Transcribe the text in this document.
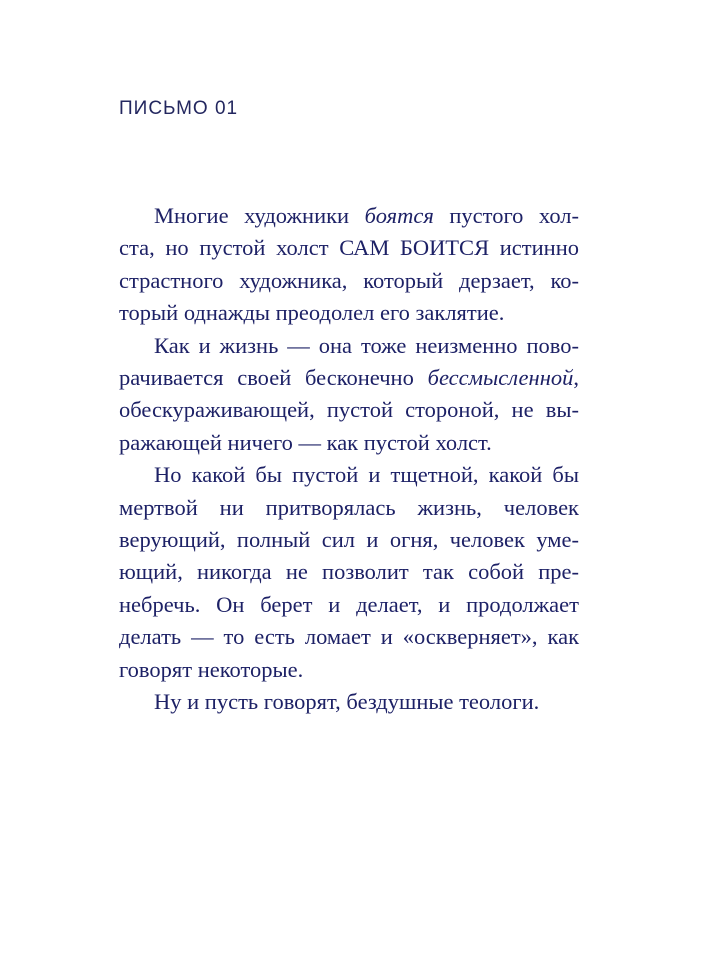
ПИСЬМО 01
Многие художники боятся пустого хол-
ста, но пустой холст САМ БОИТСЯ истинно
страстного художника, который дерзает, ко-
торый однажды преодолел его заклятие.
Как и жизнь — она тоже неизменно пово-
рачивается своей бесконечно бессмысленной,
обескураживающей, пустой стороной, не вы-
ражающей ничего — как пустой холст.
Но какой бы пустой и тщетной, какой бы
мертвой ни притворялась жизнь, человек
верующий, полный сил и огня, человек уме-
ющий, никогда не позволит так собой пре-
небречь. Он берет и делает, и продолжает
делать — то есть ломает и «оскверняет», как
говорят некоторые.
Ну и пусть говорят, бездушные теологи.
